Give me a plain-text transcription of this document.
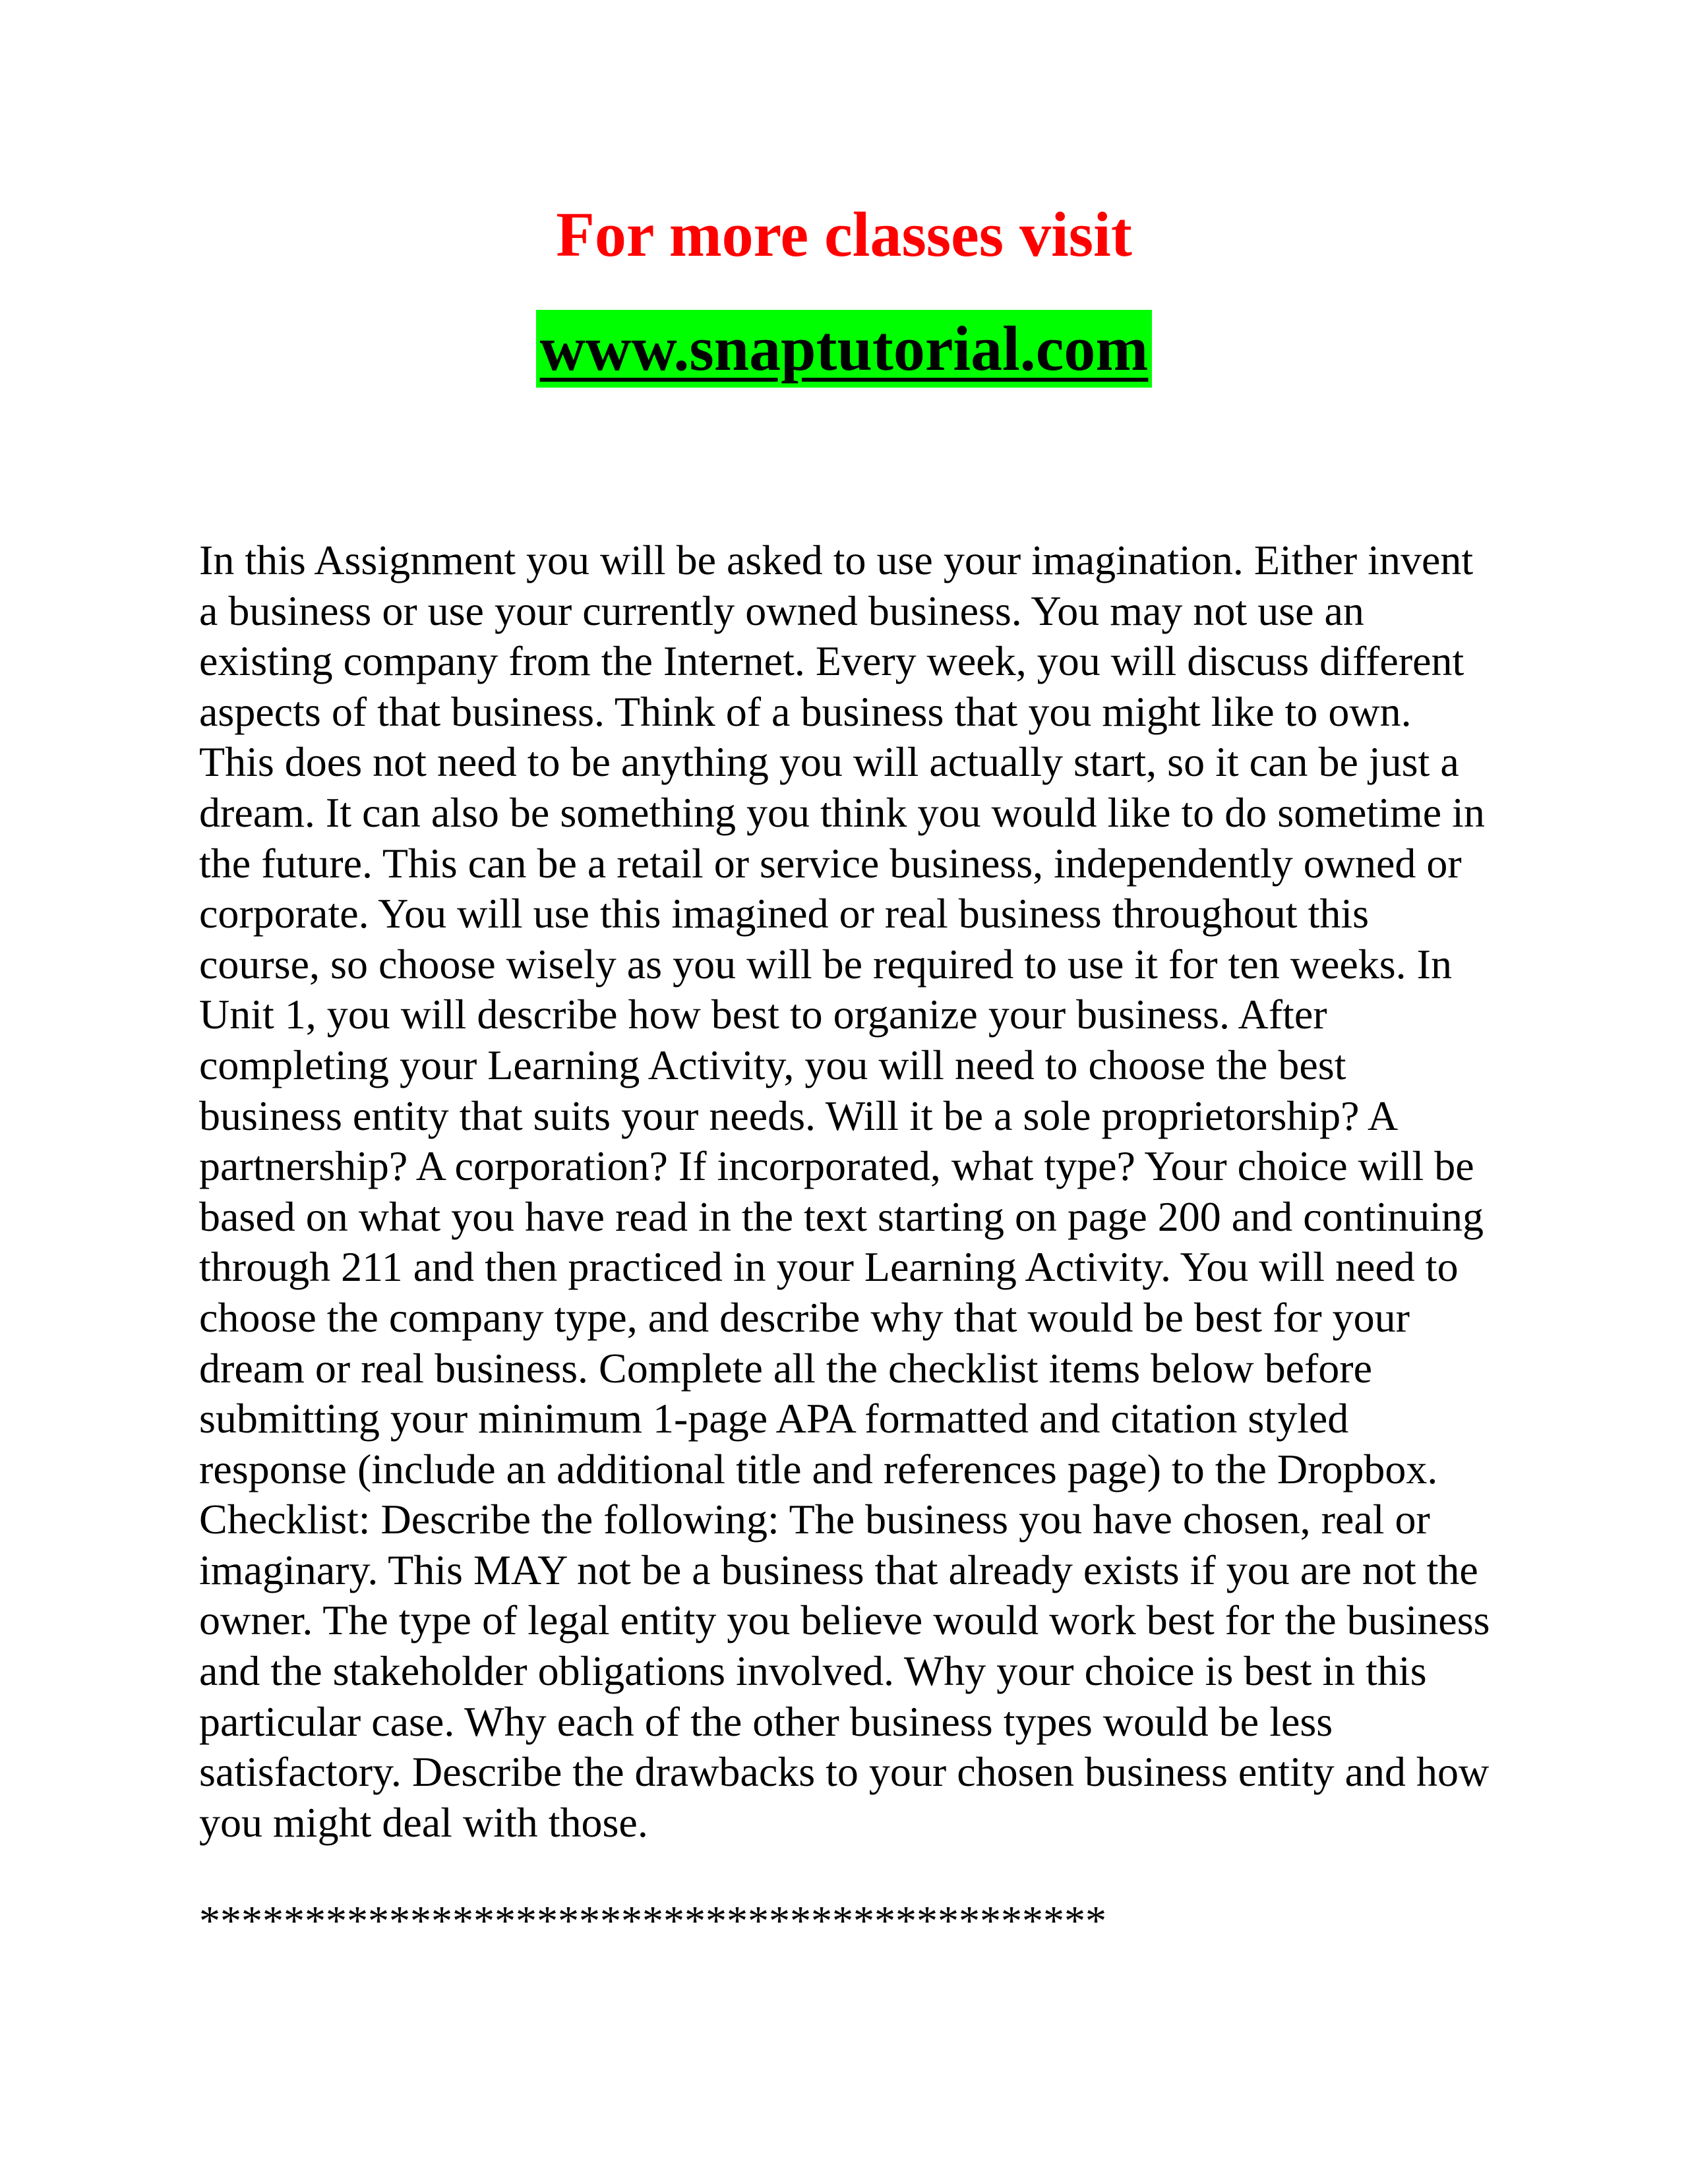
For more classes visit
www.snaptutorial.com

In this Assignment you will be asked to use your imagination. Either invent a business or use your currently owned business. You may not use an existing company from the Internet. Every week, you will discuss different aspects of that business. Think of a business that you might like to own. This does not need to be anything you will actually start, so it can be just a dream. It can also be something you think you would like to do sometime in the future. This can be a retail or service business, independently owned or corporate. You will use this imagined or real business throughout this course, so choose wisely as you will be required to use it for ten weeks. In Unit 1, you will describe how best to organize your business. After completing your Learning Activity, you will need to choose the best business entity that suits your needs. Will it be a sole proprietorship? A partnership? A corporation? If incorporated, what type? Your choice will be based on what you have read in the text starting on page 200 and continuing through 211 and then practiced in your Learning Activity. You will need to choose the company type, and describe why that would be best for your dream or real business. Complete all the checklist items below before submitting your minimum 1-page APA formatted and citation styled response (include an additional title and references page) to the Dropbox. Checklist: Describe the following: The business you have chosen, real or imaginary. This MAY not be a business that already exists if you are not the owner. The type of legal entity you believe would work best for the business and the stakeholder obligations involved. Why your choice is best in this particular case. Why each of the other business types would be less satisfactory. Describe the drawbacks to your chosen business entity and how you might deal with those.

*******************************************
